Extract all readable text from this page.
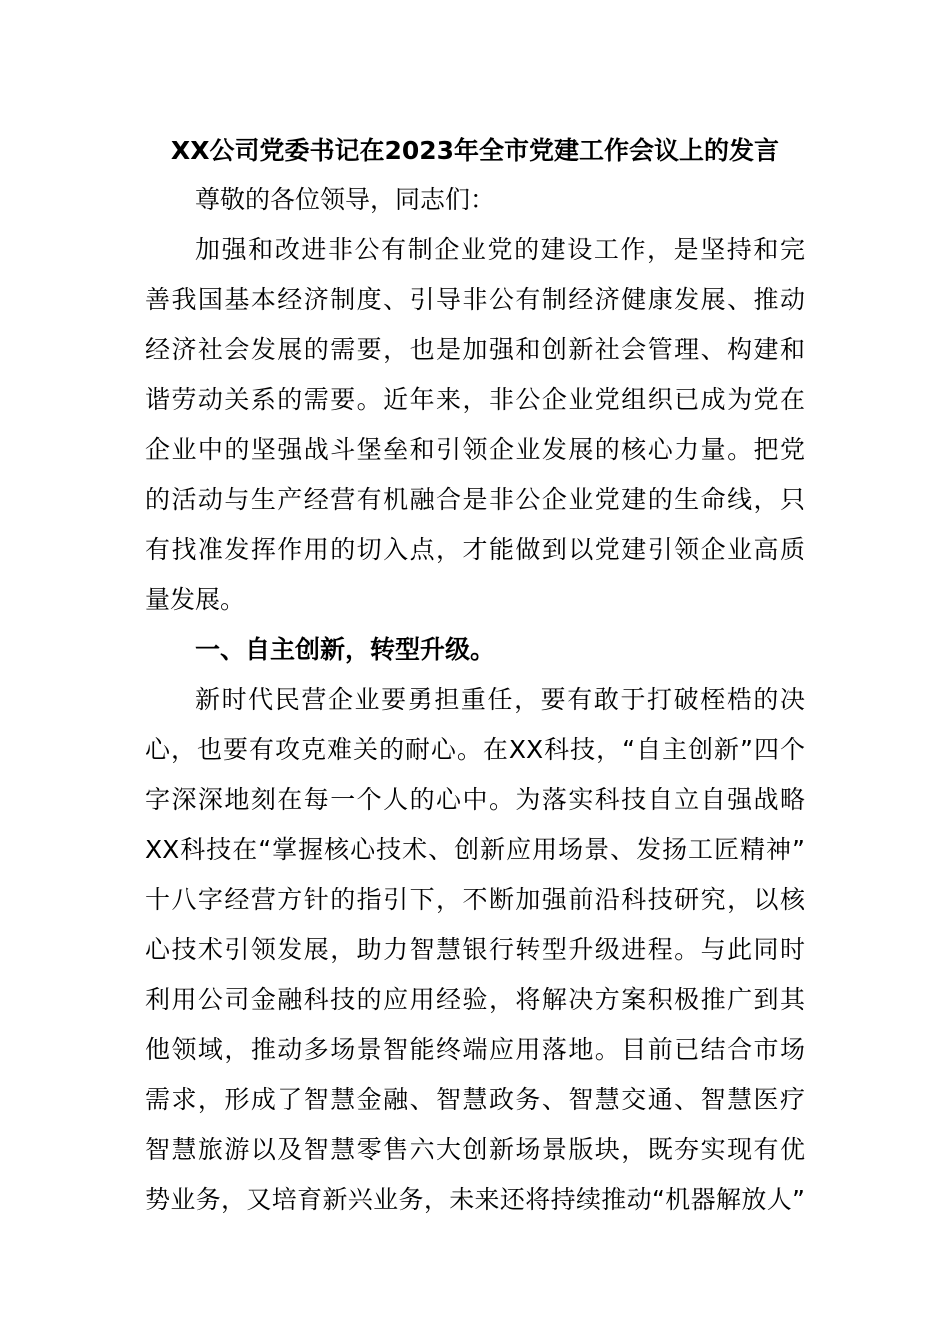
XX公司党委书记在2023年全市党建工作会议上的发言
尊敬的各位领导，同志们：
加强和改进非公有制企业党的建设工作，是坚持和完
善我国基本经济制度、引导非公有制经济健康发展、推动
经济社会发展的需要，也是加强和创新社会管理、构建和
谐劳动关系的需要。近年来，非公企业党组织已成为党在
企业中的坚强战斗堡垒和引领企业发展的核心力量。把党
的活动与生产经营有机融合是非公企业党建的生命线，只
有找准发挥作用的切入点，才能做到以党建引领企业高质
量发展。
一、自主创新，转型升级。
新时代民营企业要勇担重任，要有敢于打破桎梏的决
心，也要有攻克难关的耐心。在XX科技，“自主创新”四个
字深深地刻在每一个人的心中。为落实科技自立自强战略
XX科技在“掌握核心技术、创新应用场景、发扬工匠精神”
十八字经营方针的指引下，不断加强前沿科技研究，以核
心技术引领发展，助力智慧银行转型升级进程。与此同时
利用公司金融科技的应用经验，将解决方案积极推广到其
他领域，推动多场景智能终端应用落地。目前已结合市场
需求，形成了智慧金融、智慧政务、智慧交通、智慧医疗
智慧旅游以及智慧零售六大创新场景版块，既夯实现有优
势业务，又培育新兴业务，未来还将持续推动“机器解放人”
